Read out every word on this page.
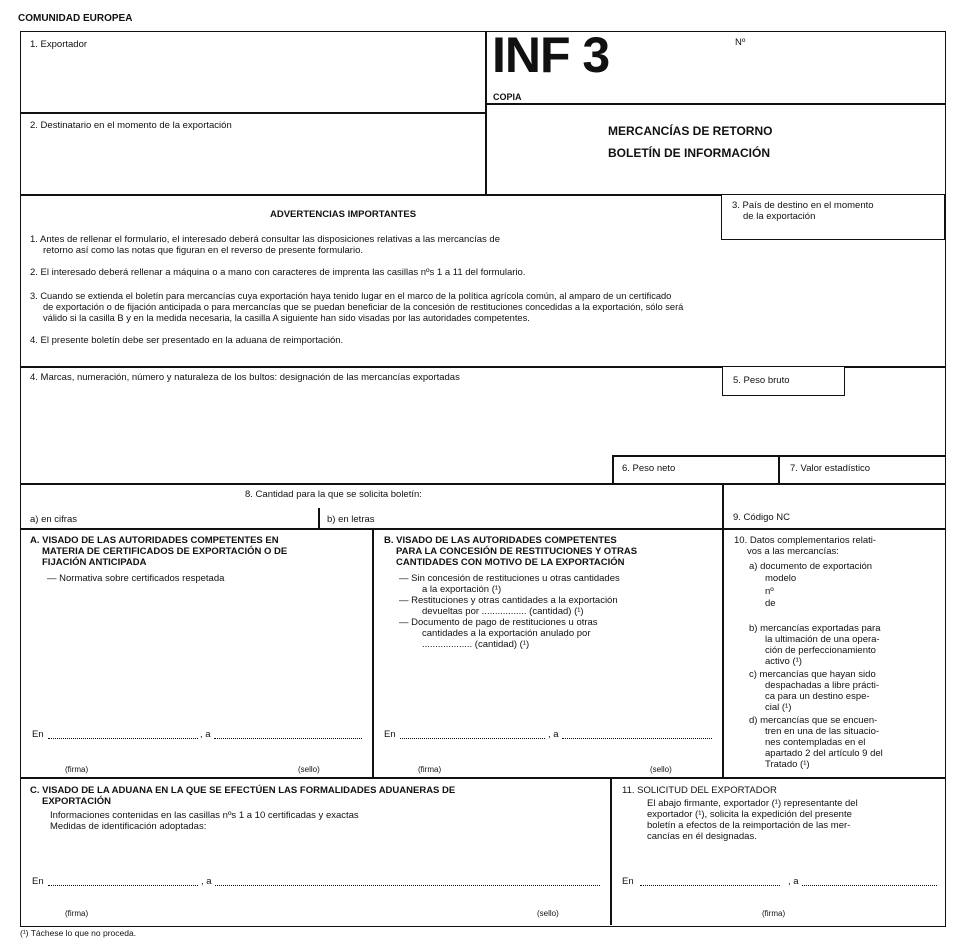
COMUNIDAD EUROPEA
1. Exportador	INF 3	Nº
COPIA
2. Destinatario en el momento de la exportación	MERCANCÍAS DE RETORNO
BOLETÍN DE INFORMACIÓN
3. País de destino en el momento
de la exportación
ADVERTENCIAS IMPORTANTES
1. Antes de rellenar el formulario, el interesado deberá consultar las disposiciones relativas a las mercancías de
retorno así como las notas que figuran en el reverso de presente formulario.
2. El interesado deberá rellenar a máquina o a mano con caracteres de imprenta las casillas nºs 1 a 11 del formulario.
3. Cuando se extienda el boletín para mercancías cuya exportación haya tenido lugar en el marco de la política agrícola común, al amparo de un certificado
de exportación o de fijación anticipada o para mercancías que se puedan beneficiar de la concesión de restituciones concedidas a la exportación, sólo será
válido si la casilla B y en la medida necesaria, la casilla A siguiente han sido visadas por las autoridades competentes.
4. El presente boletín debe ser presentado en la aduana de reimportación.
4. Marcas, numeración, número y naturaleza de los bultos: designación de las mercancías exportadas	5. Peso bruto
6. Peso neto	7. Valor estadístico
8. Cantidad para la que se solicita boletín:
a) en cifras	b) en letras	9. Código NC
A. VISADO DE LAS AUTORIDADES COMPETENTES EN
MATERIA DE CERTIFICADOS DE EXPORTACIÓN O DE
FIJACIÓN ANTICIPADA
— Normativa sobre certificados respetada
En	, a
(firma)	(sello)
B. VISADO DE LAS AUTORIDADES COMPETENTES
PARA LA CONCESIÓN DE RESTITUCIONES Y OTRAS
CANTIDADES CON MOTIVO DE LA EXPORTACIÓN
— Sin concesión de restituciones u otras cantidades
a la exportación (¹)
— Restituciones y otras cantidades a la exportación
devueltas por ................. (cantidad) (¹)
— Documento de pago de restituciones u otras
cantidades a la exportación anulado por
................... (cantidad) (¹)
En	, a
(firma)	(sello)
10. Datos complementarios relati-
vos a las mercancías:
a) documento de exportación
modelo
nº
de
b) mercancías exportadas para
la ultimación de una opera-
ción de perfeccionamiento
activo (¹)
c) mercancías que hayan sido
despachadas a libre prácti-
ca para un destino espe-
cial (¹)
d) mercancías que se encuen-
tren en una de las situacio-
nes contempladas en el
apartado 2 del artículo 9 del
Tratado (¹)
C. VISADO DE LA ADUANA EN LA QUE SE EFECTÚEN LAS FORMALIDADES ADUANERAS DE
EXPORTACIÓN
Informaciones contenidas en las casillas nºs 1 a 10 certificadas y exactas
Medidas de identificación adoptadas:
En	, a
(firma)	(sello)
11. SOLICITUD DEL EXPORTADOR
El abajo firmante, exportador (¹) representante del
exportador (¹), solicita la expedición del presente
boletín a efectos de la reimportación de las mer-
cancías en él designadas.
En	, a
(firma)
(¹) Táchese lo que no proceda.
